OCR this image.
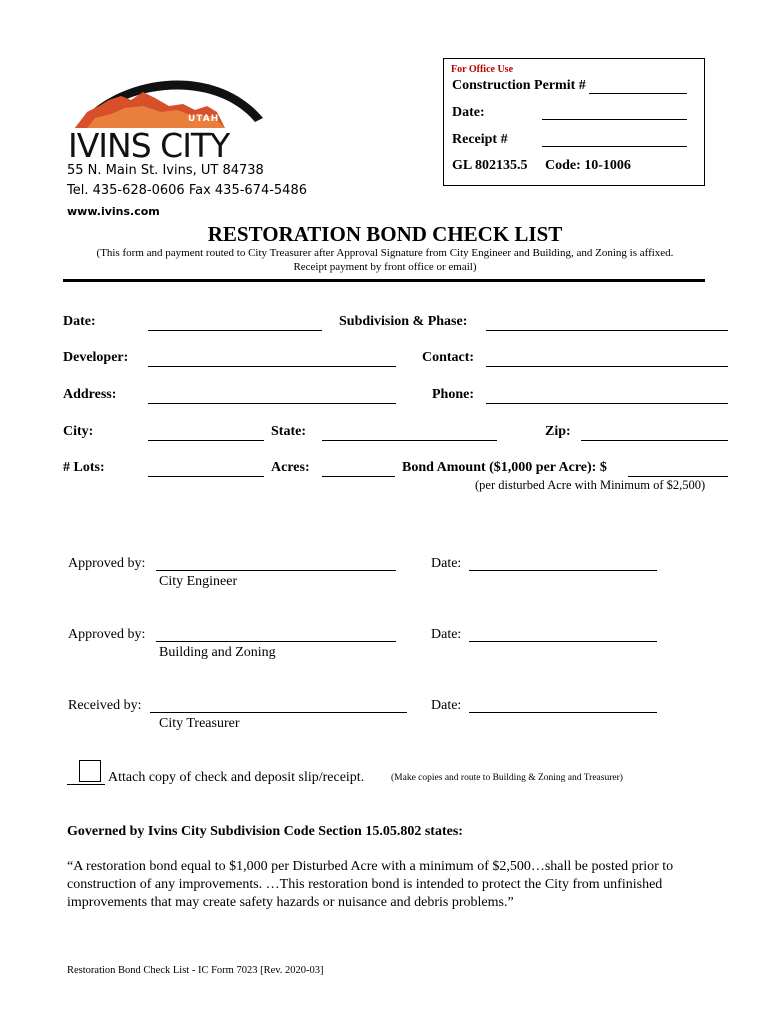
UTAH
IVINS CITY
55 N. Main St. Ivins, UT 84738
Tel. 435-628-0606 Fax 435-674-5486
www.ivins.com
For Office Use
Construction Permit #
Date:
Receipt #
GL 802135.5 Code: 10-1006
RESTORATION BOND CHECK LIST
(This form and payment routed to City Treasurer after Approval Signature from City Engineer and Building, and Zoning is affixed.
Receipt payment by front office or email)
Date:	Subdivision & Phase:
Developer:	Contact:
Address:	Phone:
City:	State:	Zip:
# Lots:	Acres:	Bond Amount ($1,000 per Acre): $
(per disturbed Acre with Minimum of $2,500)
Approved by:
City Engineer
Date:
Approved by:
Building and Zoning
Date:
Received by:
City Treasurer
Date:
Attach copy of check and deposit slip/receipt.	(Make copies and route to Building & Zoning and Treasurer)
Governed by Ivins City Subdivision Code Section 15.05.802 states:
“A restoration bond equal to $1,000 per Disturbed Acre with a minimum of $2,500…shall be posted prior to construction of any improvements. …This restoration bond is intended to protect the City from unfinished improvements that may create safety hazards or nuisance and debris problems.”
Restoration Bond Check List - IC Form 7023 [Rev. 2020-03]
